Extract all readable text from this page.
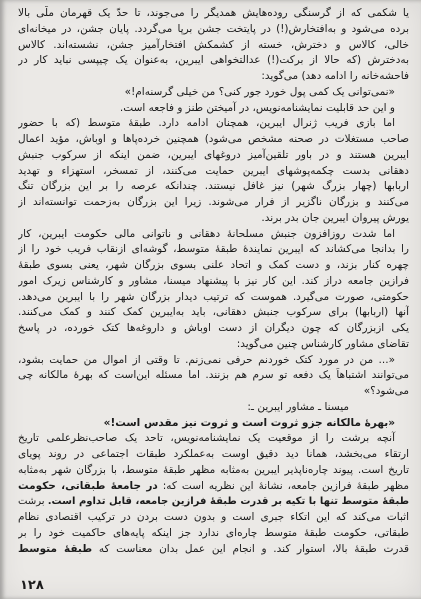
یا شکمی که از گرسنگی روده‌هایش همدیگر را می‌جوند، تا حدّ یک قهرمان ملّی بالا
برده می‌شود و به‌افتخارش(!) در پایتخت جشن برپا می‌گردد. پایان جشن، در میخانه‌ای
خالی، کالاس و دخترش، خسته از کشمکش افتخارآمیز جشن، نشسته‌اند. کالاس
به‌دخترش (که حالا از برکت(!) عدالتخواهی ایبرین، به‌عنوان یک چیپسی نباید کار در
فاحشه‌خانه را ادامه دهد) می‌گوید:
«نمی‌توانی یک کمی پول خورد جور کنی؟ من خیلی گرسنه‌ام!»
و این حد قابلیت نمایشنامه‌نویس، در آمیختن طنز و فاجعه است.
اما بازی فریب ژنرال ایبرین، همچنان ادامه دارد. طبقهٔ متوسط (که با حضور
صاحب مستغلات در صحنه مشخص می‌شود) همچنین خرده‌پاها و اوباش، مؤید اعمال
ایبرین هستند و در باور تلقین‌آمیز دروغهای ایبرین، ضمن اینکه از سرکوب جنبش
دهقانی بدست چکمه‌پوشهای ایبرین حمایت می‌کنند، از تمسخر، استهزاء و تهدید
اربابها (چهار بزرگ شهر) نیز غافل نیستند. چندانکه عرصه را بر این بزرگان تنگ
می‌کنند و بزرگان ناگزیر از فرار می‌شوند. زیرا این بزرگان به‌زحمت توانسته‌اند از
یورش پیروان ایبرین جان بدر برند.
اما شدت روزافزون جنبش مسلحانهٔ دهقانی و ناتوانی مالی حکومت ایبرین، کار
را بدانجا می‌کشاند که ایبرین نمایندهٔ طبقهٔ متوسط، گوشه‌ای ازنقاب فریب خود را از
چهره کنار بزند، و دست کمک و اتحاد علنی بسوی بزرگان شهر، یعنی بسوی طبقهٔ
فرازین جامعه دراز کند. این کار نیز با پیشنهاد میسنا، مشاور و کارشناس زیرک امور
حکومتی، صورت می‌گیرد. هموست که ترتیب دیدار بزرگان شهر را با ایبرین می‌دهد.
آنها (اربابها) برای سرکوب جنبش دهقانی، باید به‌ایبرین کمک کنند و کمک می‌کنند.
یکی ازبزرگان که چون دیگران از دست اوباش و داروغه‌ها کتک خورده، در پاسخ
تقاضای مشاور کارشناس چنین می‌گوید:
«... من در مورد کتک خوردنم حرفی نمی‌زنم. تا وقتی از اموال من حمایت بشود،
می‌توانند اشتباهاً یک دفعه تو سرم هم بزنند. اما مسئله این‌است که بهرهٔ مالکانه چی
می‌شود؟»
میسنا ـ مشاور ایبرین ـ:
«بهرهٔ مالکانه جزو ثروت است و ثروت نیز مقدس است!»
آنچه برشت را از موقعیت یک نمایشنامه‌نویس، تاحد یک صاحب‌نظرعلمی تاریخ
ارتقاء می‌بخشد، همانا دید دقیق اوست به‌عملکرد طبقات اجتماعی در روند پویای
تاریخ است. پیوند چاره‌ناپذیر ایبرین به‌مثابه مظهر طبقهٔ متوسط، با بزرگان شهر به‌مثابه
مظهر طبقهٔ فرازین جامعه، نشانهٔ این نظریه است که: در جامعهٔ طبقاتی، حکومت
طبقهٔ متوسط تنها با تکیه بر قدرت طبقهٔ فرازین جامعه، قابل تداوم است. برشت
اثبات می‌کند که این اتکاء جبری است و بدون دست بردن در ترکیب اقتصادی نظام
طبقاتی، حکومت طبقهٔ متوسط چاره‌ای ندارد جز اینکه پایه‌های حاکمیت خود را بر
قدرت طبقهٔ بالا، استوار کند. و انجام این عمل بدان معناست که طبقهٔ متوسط
۱۲۸
